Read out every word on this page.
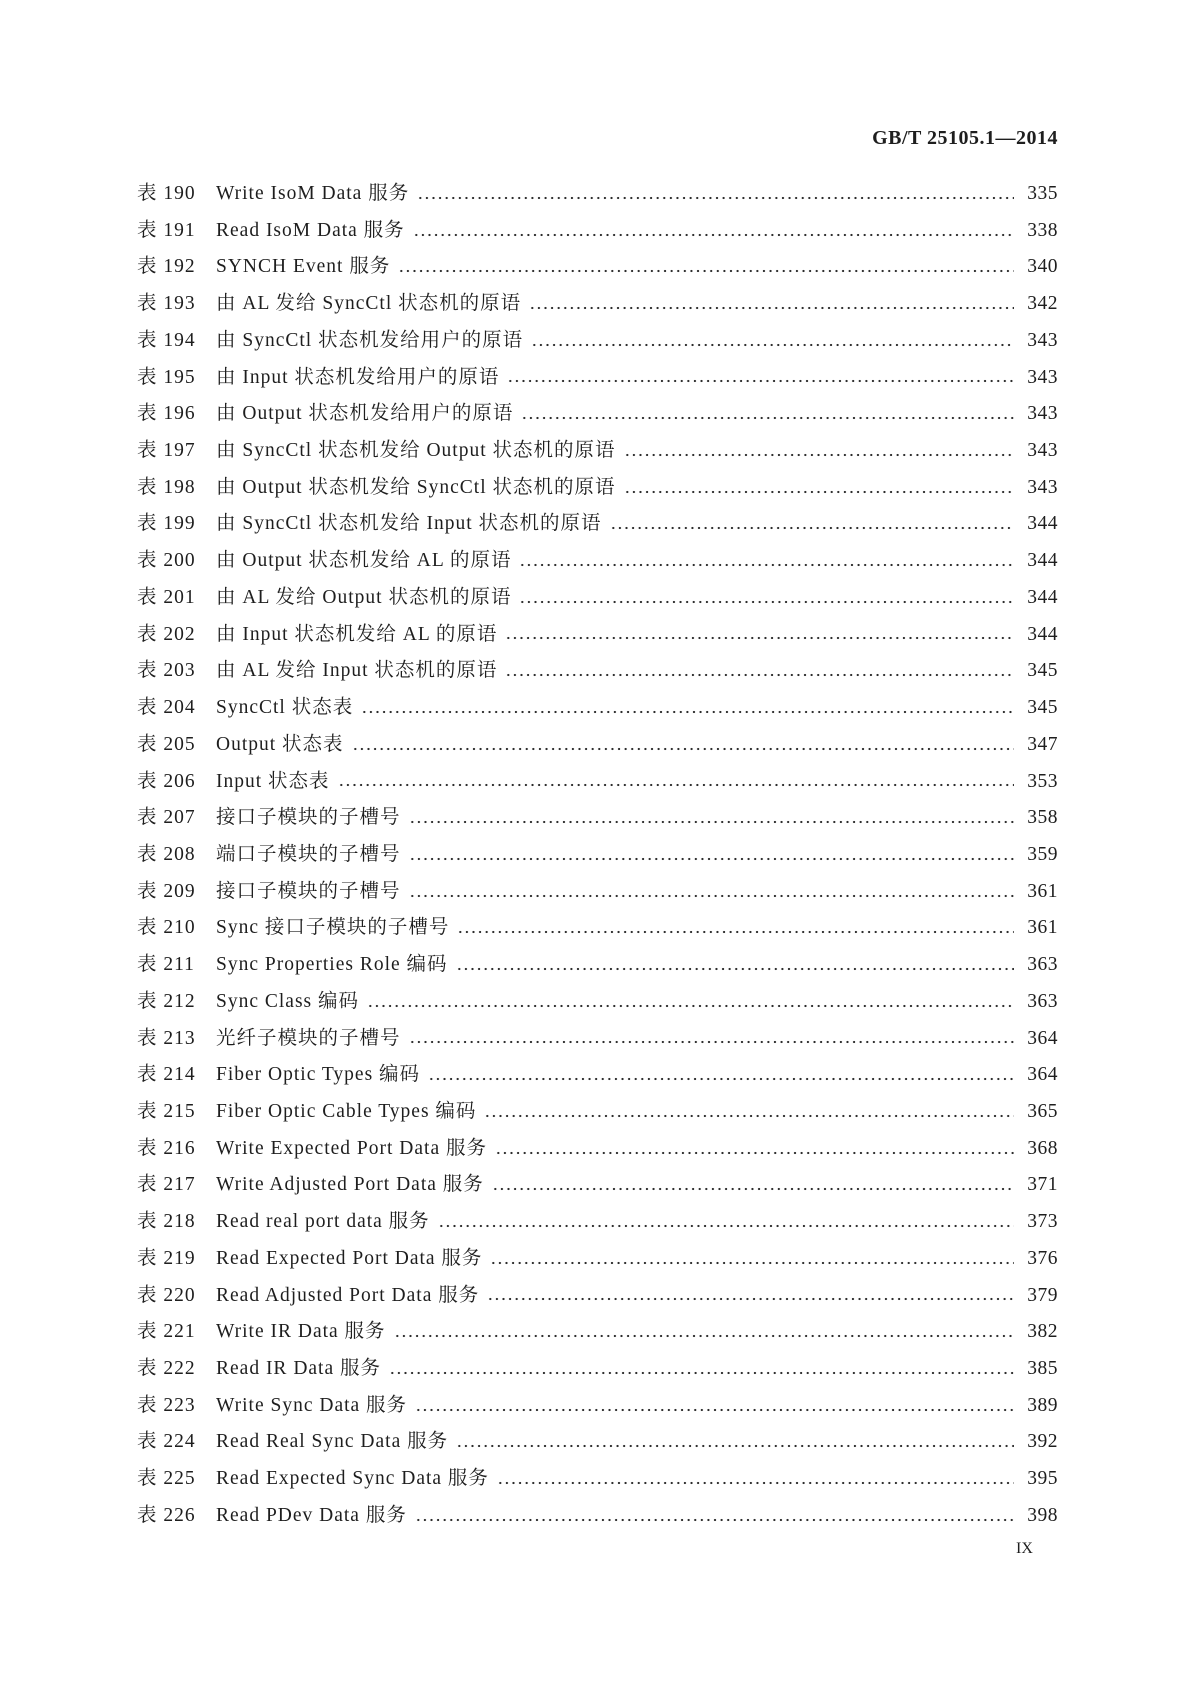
GB/T 25105.1—2014
表 190	Write IsoM Data 服务	335
表 191	Read IsoM Data 服务	338
表 192	SYNCH Event 服务	340
表 193	由 AL 发给 SyncCtl 状态机的原语	342
表 194	由 SyncCtl 状态机发给用户的原语	343
表 195	由 Input 状态机发给用户的原语	343
表 196	由 Output 状态机发给用户的原语	343
表 197	由 SyncCtl 状态机发给 Output 状态机的原语	343
表 198	由 Output 状态机发给 SyncCtl 状态机的原语	343
表 199	由 SyncCtl 状态机发给 Input 状态机的原语	344
表 200	由 Output 状态机发给 AL 的原语	344
表 201	由 AL 发给 Output 状态机的原语	344
表 202	由 Input 状态机发给 AL 的原语	344
表 203	由 AL 发给 Input 状态机的原语	345
表 204	SyncCtl 状态表	345
表 205	Output 状态表	347
表 206	Input 状态表	353
表 207	接口子模块的子槽号	358
表 208	端口子模块的子槽号	359
表 209	接口子模块的子槽号	361
表 210	Sync 接口子模块的子槽号	361
表 211	Sync Properties Role 编码	363
表 212	Sync Class 编码	363
表 213	光纤子模块的子槽号	364
表 214	Fiber Optic Types 编码	364
表 215	Fiber Optic Cable Types 编码	365
表 216	Write Expected Port Data 服务	368
表 217	Write Adjusted Port Data 服务	371
表 218	Read real port data 服务	373
表 219	Read Expected Port Data 服务	376
表 220	Read Adjusted Port Data 服务	379
表 221	Write IR Data 服务	382
表 222	Read IR Data 服务	385
表 223	Write Sync Data 服务	389
表 224	Read Real Sync Data 服务	392
表 225	Read Expected Sync Data 服务	395
表 226	Read PDev Data 服务	398
IX
